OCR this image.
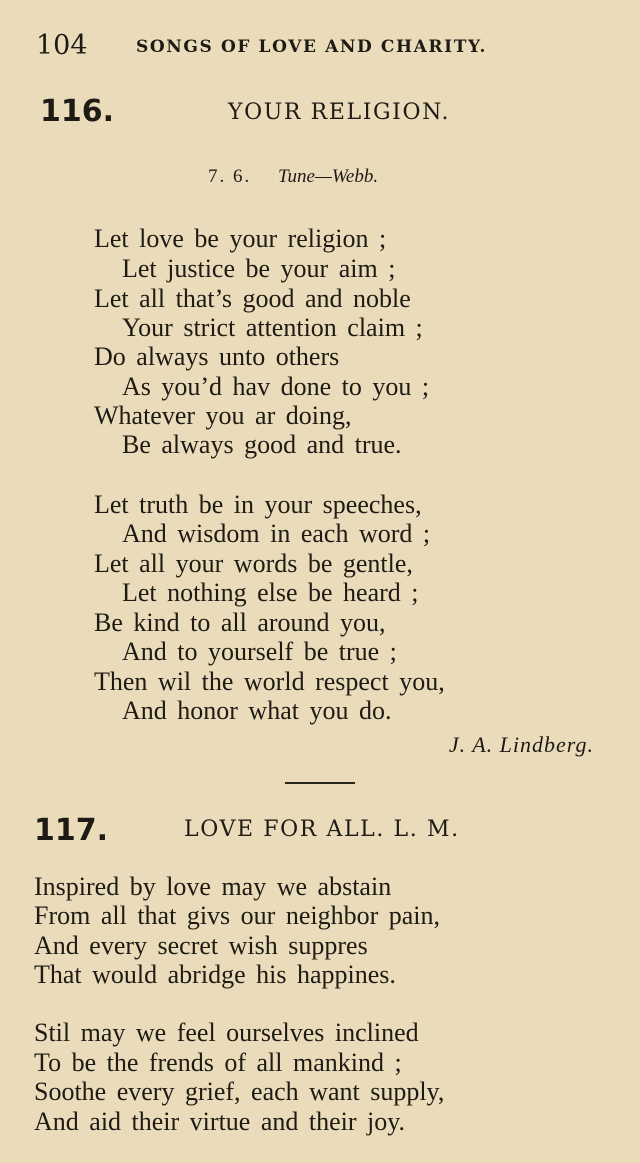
104	SONGS OF LOVE AND CHARITY.
116.	YOUR RELIGION.
7. 6. Tune—Webb.
Let love be your religion ;
Let justice be your aim ;
Let all that’s good and noble
Your strict attention claim ;
Do always unto others
As you’d hav done to you ;
Whatever you ar doing,
Be always good and true.
Let truth be in your speeches,
And wisdom in each word ;
Let all your words be gentle,
Let nothing else be heard ;
Be kind to all around you,
And to yourself be true ;
Then wil the world respect you,
And honor what you do.
J. A. Lindberg.
117.	LOVE FOR ALL. L. M.
Inspired by love may we abstain
From all that givs our neighbor pain,
And every secret wish suppres
That would abridge his happines.
Stil may we feel ourselves inclined
To be the frends of all mankind ;
Soothe every grief, each want supply,
And aid their virtue and their joy.
